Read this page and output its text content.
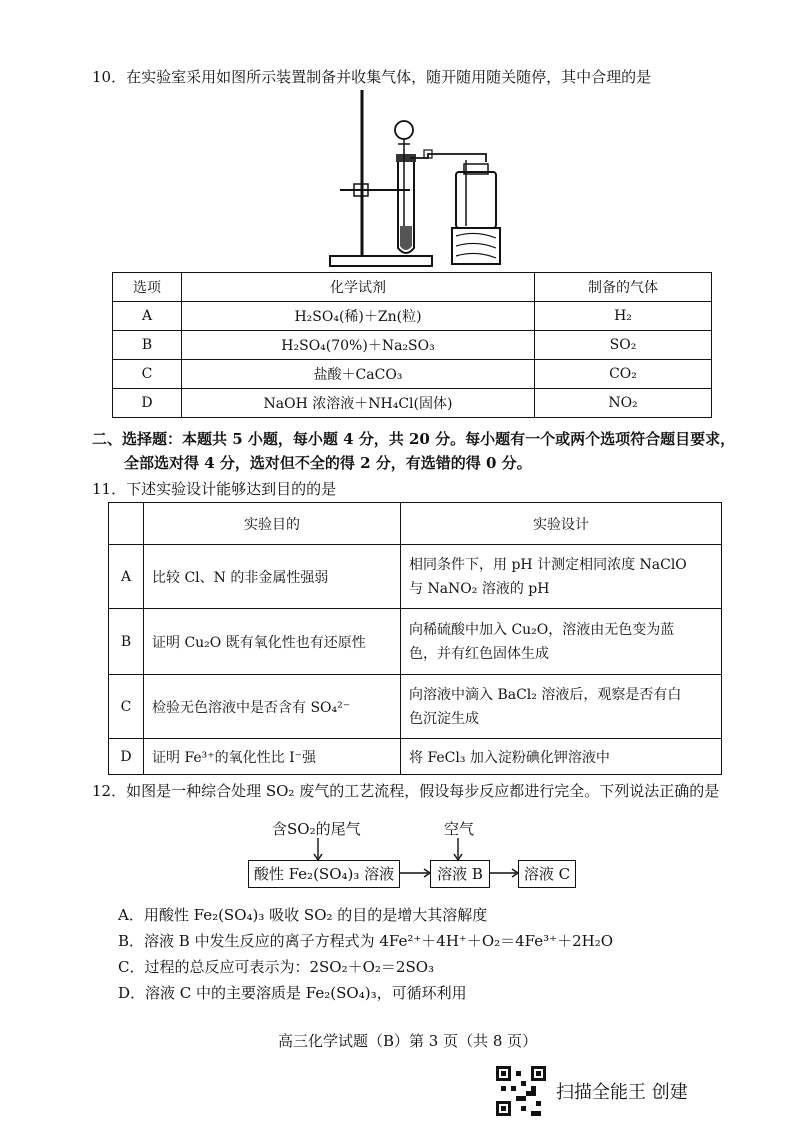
10．在实验室采用如图所示装置制备并收集气体，随开随用随关随停，其中合理的是
选项	化学试剂	制备的气体
A	H₂SO₄(稀)＋Zn(粒)	H₂
B	H₂SO₄(70%)＋Na₂SO₃	SO₂
C	盐酸＋CaCO₃	CO₂
D	NaOH 浓溶液＋NH₄Cl(固体)	NO₂
二、选择题：本题共 5 小题，每小题 4 分，共 20 分。每小题有一个或两个选项符合题目要求，
全部选对得 4 分，选对但不全的得 2 分，有选错的得 0 分。
11．下述实验设计能够达到目的的是
	实验目的	实验设计
A	比较 Cl、N 的非金属性强弱	相同条件下，用 pH 计测定相同浓度 NaClO
与 NaNO₂ 溶液的 pH

B	证明 Cu₂O 既有氧化性也有还原性	向稀硫酸中加入 Cu₂O，溶液由无色变为蓝
色，并有红色固体生成

C	检验无色溶液中是否含有 SO₄²⁻	向溶液中滴入 BaCl₂ 溶液后，观察是否有白
色沉淀生成

D	证明 Fe³⁺的氧化性比 I⁻强	将 FeCl₃ 加入淀粉碘化钾溶液中
12．如图是一种综合处理 SO₂ 废气的工艺流程，假设每步反应都进行完全。下列说法正确的是
含SO₂的尾气	空气
酸性 Fe₂(SO₄)₃ 溶液	溶液 B	溶液 C
A．用酸性 Fe₂(SO₄)₃ 吸收 SO₂ 的目的是增大其溶解度
B．溶液 B 中发生反应的离子方程式为 4Fe²⁺＋4H⁺＋O₂＝4Fe³⁺＋2H₂O
C．过程的总反应可表示为：2SO₂＋O₂＝2SO₃
D．溶液 C 中的主要溶质是 Fe₂(SO₄)₃，可循环利用
高三化学试题（B）第 3 页（共 8 页）
扫描全能王 创建
